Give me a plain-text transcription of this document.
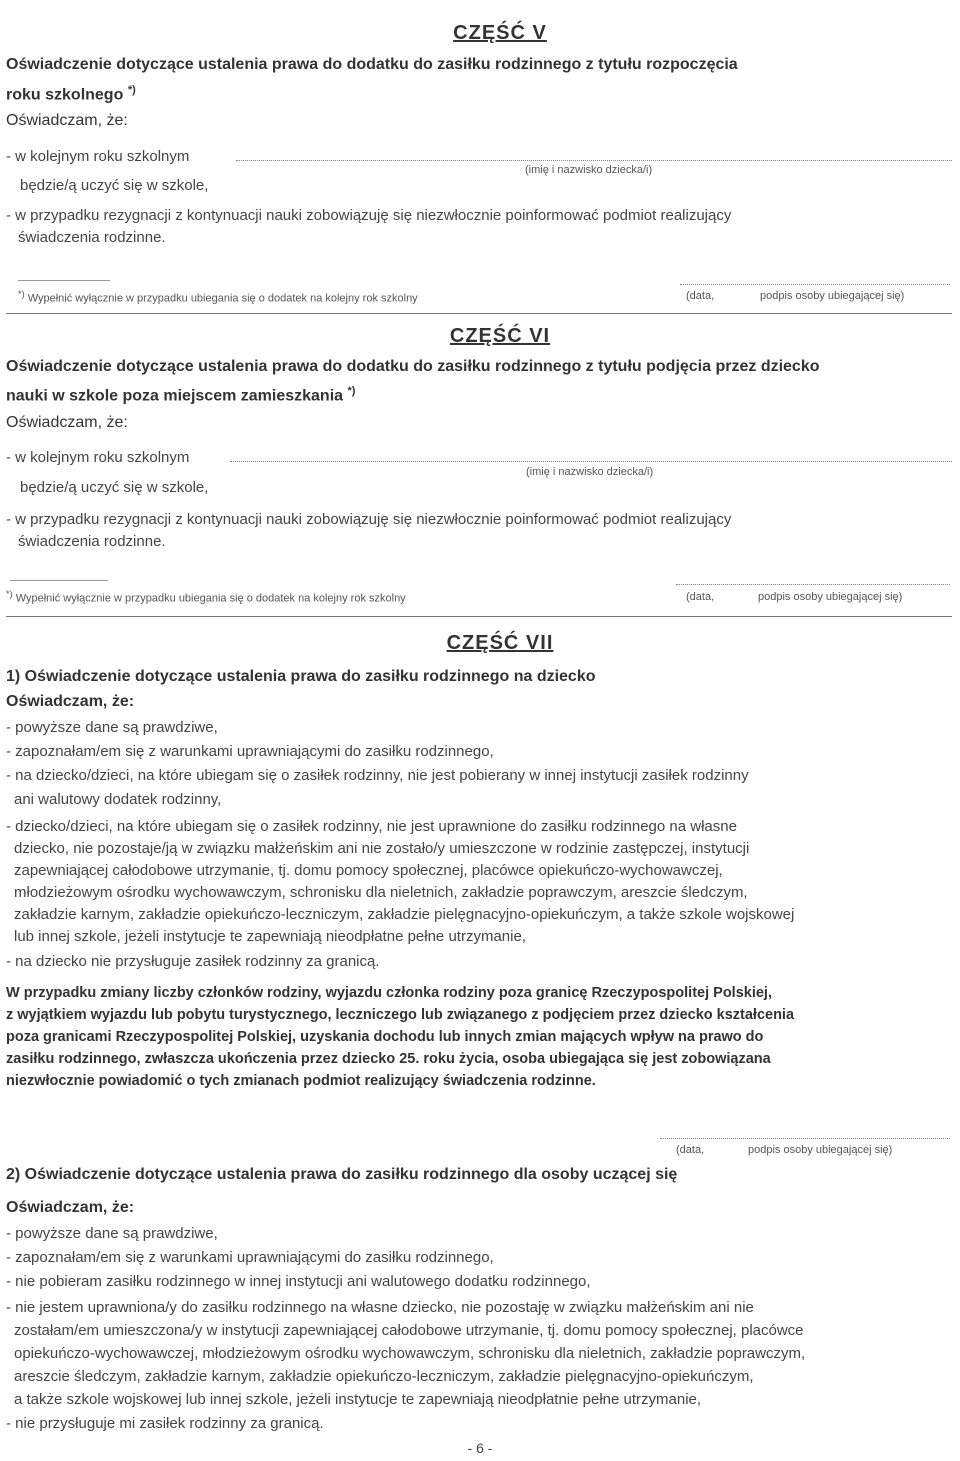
CZĘŚĆ V
Oświadczenie dotyczące ustalenia prawa do dodatku do zasiłku rodzinnego z tytułu rozpoczęcia
roku szkolnego *)
Oświadczam, że:
- w kolejnym roku szkolnym
(imię i nazwisko dziecka/i)
będzie/ą uczyć się w szkole,
- w przypadku rezygnacji z kontynuacji nauki zobowiązuję się niezwłocznie poinformować podmiot realizujący
świadczenia rodzinne.
*) Wypełnić wyłącznie w przypadku ubiegania się o dodatek na kolejny rok szkolny	(data,	podpis osoby ubiegającej się)
CZĘŚĆ VI
Oświadczenie dotyczące ustalenia prawa do dodatku do zasiłku rodzinnego z tytułu podjęcia przez dziecko
nauki w szkole poza miejscem zamieszkania *)
Oświadczam, że:
- w kolejnym roku szkolnym
(imię i nazwisko dziecka/i)
będzie/ą uczyć się w szkole,
- w przypadku rezygnacji z kontynuacji nauki zobowiązuję się niezwłocznie poinformować podmiot realizujący
świadczenia rodzinne.
*) Wypełnić wyłącznie w przypadku ubiegania się o dodatek na kolejny rok szkolny	(data,	podpis osoby ubiegającej się)
CZĘŚĆ VII
1) Oświadczenie dotyczące ustalenia prawa do zasiłku rodzinnego na dziecko
Oświadczam, że:
- powyższe dane są prawdziwe,
- zapoznałam/em się z warunkami uprawniającymi do zasiłku rodzinnego,
- na dziecko/dzieci, na które ubiegam się o zasiłek rodzinny, nie jest pobierany w innej instytucji zasiłek rodzinny
ani walutowy dodatek rodzinny,
- dziecko/dzieci, na które ubiegam się o zasiłek rodzinny, nie jest uprawnione do zasiłku rodzinnego na własne
dziecko, nie pozostaje/ją w związku małżeńskim ani nie zostało/y umieszczone w rodzinie zastępczej, instytucji
zapewniającej całodobowe utrzymanie, tj. domu pomocy społecznej, placówce opiekuńczo-wychowawczej,
młodzieżowym ośrodku wychowawczym, schronisku dla nieletnich, zakładzie poprawczym, areszcie śledczym,
zakładzie karnym, zakładzie opiekuńczo-leczniczym, zakładzie pielęgnacyjno-opiekuńczym, a także szkole wojskowej
lub innej szkole, jeżeli instytucje te zapewniają nieodpłatne pełne utrzymanie,
- na dziecko nie przysługuje zasiłek rodzinny za granicą.
W przypadku zmiany liczby członków rodziny, wyjazdu członka rodziny poza granicę Rzeczypospolitej Polskiej,
z wyjątkiem wyjazdu lub pobytu turystycznego, leczniczego lub związanego z podjęciem przez dziecko kształcenia
poza granicami Rzeczypospolitej Polskiej, uzyskania dochodu lub innych zmian mających wpływ na prawo do
zasiłku rodzinnego, zwłaszcza ukończenia przez dziecko 25. roku życia, osoba ubiegająca się jest zobowiązana
niezwłocznie powiadomić o tych zmianach podmiot realizujący świadczenia rodzinne.
(data,	podpis osoby ubiegającej się)
2) Oświadczenie dotyczące ustalenia prawa do zasiłku rodzinnego dla osoby uczącej się
Oświadczam, że:
- powyższe dane są prawdziwe,
- zapoznałam/em się z warunkami uprawniającymi do zasiłku rodzinnego,
- nie pobieram zasiłku rodzinnego w innej instytucji ani walutowego dodatku rodzinnego,
- nie jestem uprawniona/y do zasiłku rodzinnego na własne dziecko, nie pozostaję w związku małżeńskim ani nie
zostałam/em umieszczona/y w instytucji zapewniającej całodobowe utrzymanie, tj. domu pomocy społecznej, placówce
opiekuńczo-wychowawczej, młodzieżowym ośrodku wychowawczym, schronisku dla nieletnich, zakładzie poprawczym,
areszcie śledczym, zakładzie karnym, zakładzie opiekuńczo-leczniczym, zakładzie pielęgnacyjno-opiekuńczym,
a także szkole wojskowej lub innej szkole, jeżeli instytucje te zapewniają nieodpłatnie pełne utrzymanie,
- nie przysługuje mi zasiłek rodzinny za granicą.
- 6 -
